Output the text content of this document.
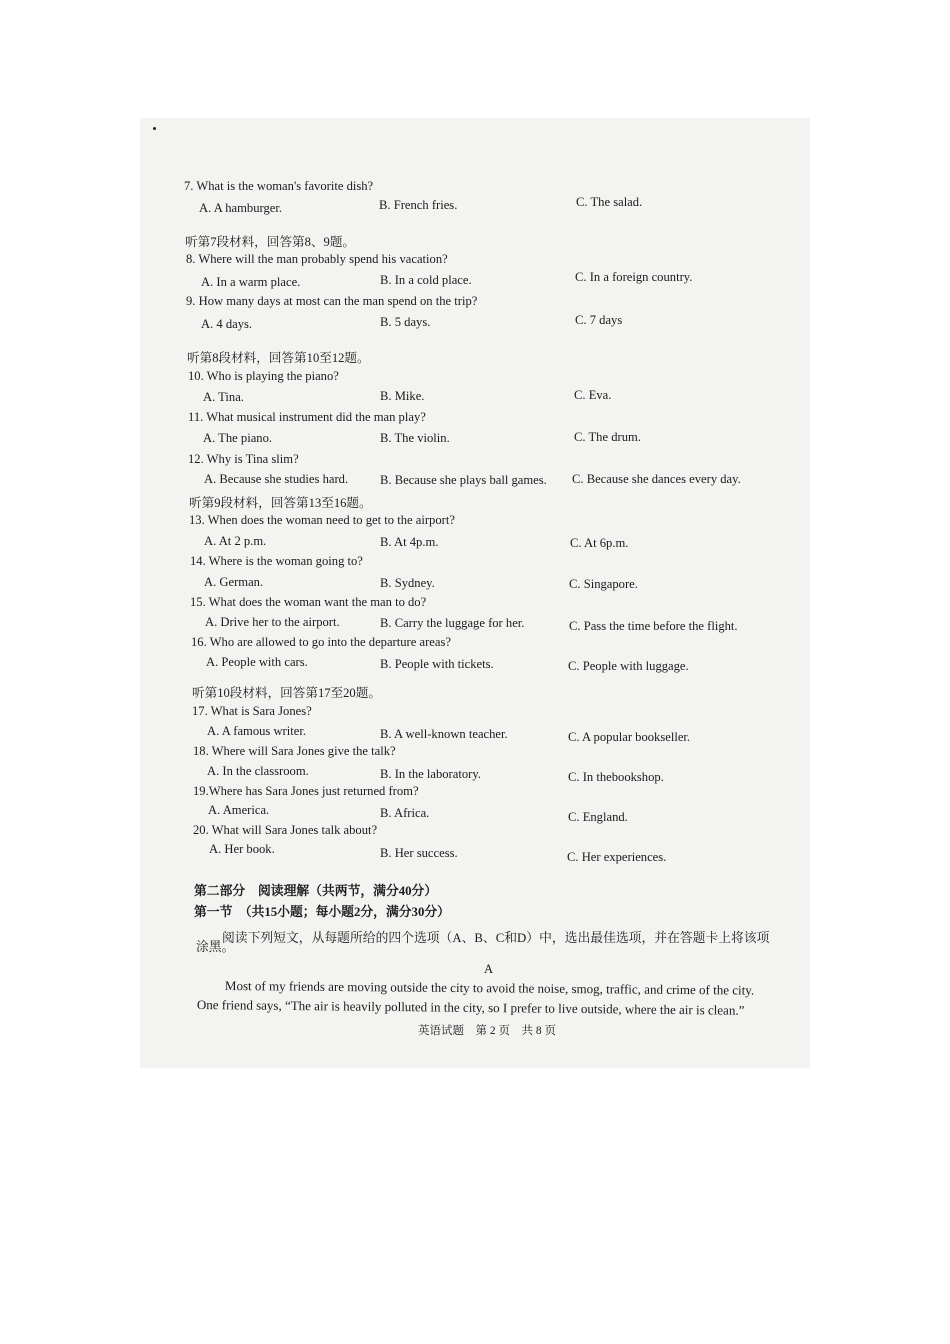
7. What is the woman's favorite dish?
A. A hamburger.	B. French fries.	C. The salad.
听第7段材料，回答第8、9题。
8. Where will the man probably spend his vacation?
A. In a warm place.	B. In a cold place.	C. In a foreign country.
9. How many days at most can the man spend on the trip?
A. 4 days.	B. 5 days.	C. 7 days
听第8段材料，回答第10至12题。
10. Who is playing the piano?
A. Tina.	B. Mike.	C. Eva.
11. What musical instrument did the man play?
A. The piano.	B. The violin.	C. The drum.
12. Why is Tina slim?
A. Because she studies hard.	B. Because she plays ball games. C. Because she dances every day.
听第9段材料，回答第13至16题。
13. When does the woman need to get to the airport?
A. At 2 p.m.	B. At 4p.m.	C. At 6p.m.
14. Where is the woman going to?
A. German.	B. Sydney.	C. Singapore.
15. What does the woman want the man to do?
A. Drive her to the airport.	B. Carry the luggage for her.	C. Pass the time before the flight.
16. Who are allowed to go into the departure areas?
A. People with cars.	B. People with tickets.	C. People with luggage.
听第10段材料，回答第17至20题。
17. What is Sara Jones?
A. A famous writer.	B. A well-known teacher.	C. A popular bookseller.
18. Where will Sara Jones give the talk?
A. In the classroom.	B. In the laboratory.	C. In thebookshop.
19.Where has Sara Jones just returned from?
A. America.	B. Africa.	C. England.
20. What will Sara Jones talk about?
A. Her book.	B. Her success.	C. Her experiences.
第二部分　阅读理解（共两节，满分40分）
第一节　（共15小题；每小题2分，满分30分）
阅读下列短文，从每题所给的四个选项（A、B、C和D）中，选出最佳选项，并在答题卡上将该项
涂黑。
A
Most of my friends are moving outside the city to avoid the noise, smog, traffic, and crime of the city.
One friend says, “The air is heavily polluted in the city, so I prefer to live outside, where the air is clean.”
英语试题　第 2 页　共 8 页
